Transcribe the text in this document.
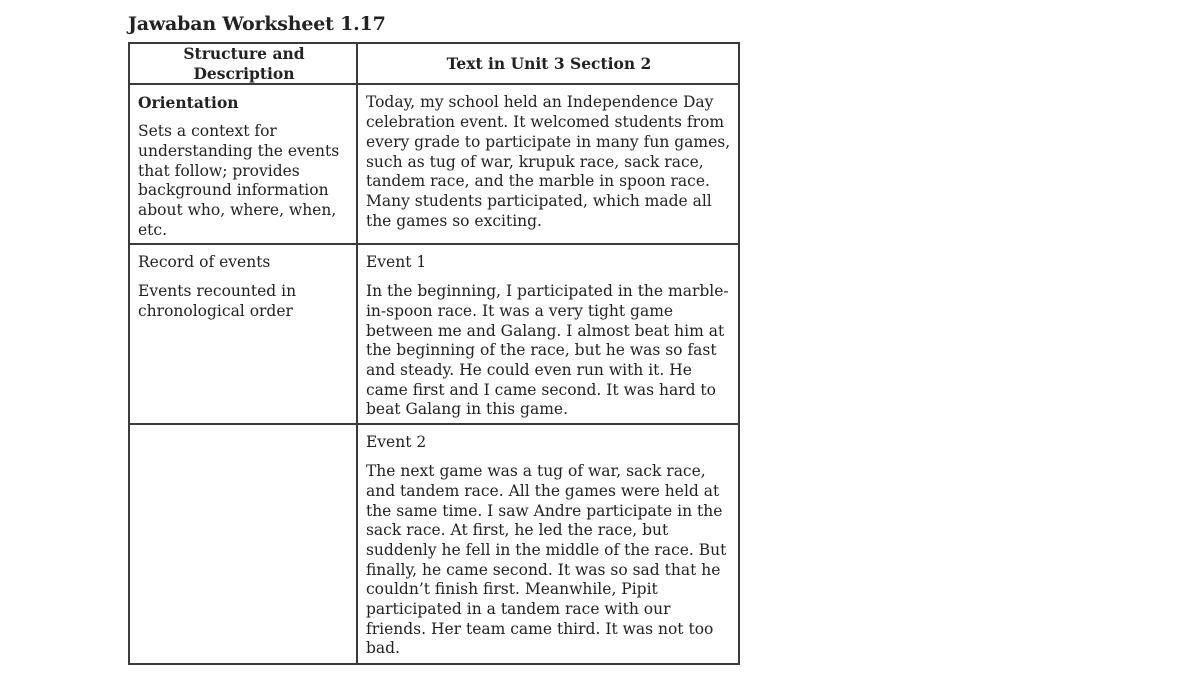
Jawaban Worksheet 1.17
Structure and Description	Text in Unit 3 Section 2

Orientation
Sets a context for understanding the events that follow; provides background information about who, where, when, etc.	Today, my school held an Independence Day celebration event. It welcomed students from every grade to participate in many fun games, such as tug of war, krupuk race, sack race, tandem race, and the marble in spoon race. Many students participated, which made all the games so exciting.

Record of events
Events recounted in chronological order	Event 1
In the beginning, I participated in the marble-in-spoon race. It was a very tight game between me and Galang. I almost beat him at the beginning of the race, but he was so fast and steady. He could even run with it. He came first and I came second. It was hard to beat Galang in this game.

	Event 2
The next game was a tug of war, sack race, and tandem race. All the games were held at the same time. I saw Andre participate in the sack race. At first, he led the race, but suddenly he fell in the middle of the race. But finally, he came second. It was so sad that he couldn’t finish first. Meanwhile, Pipit participated in a tandem race with our friends. Her team came third. It was not too bad.
